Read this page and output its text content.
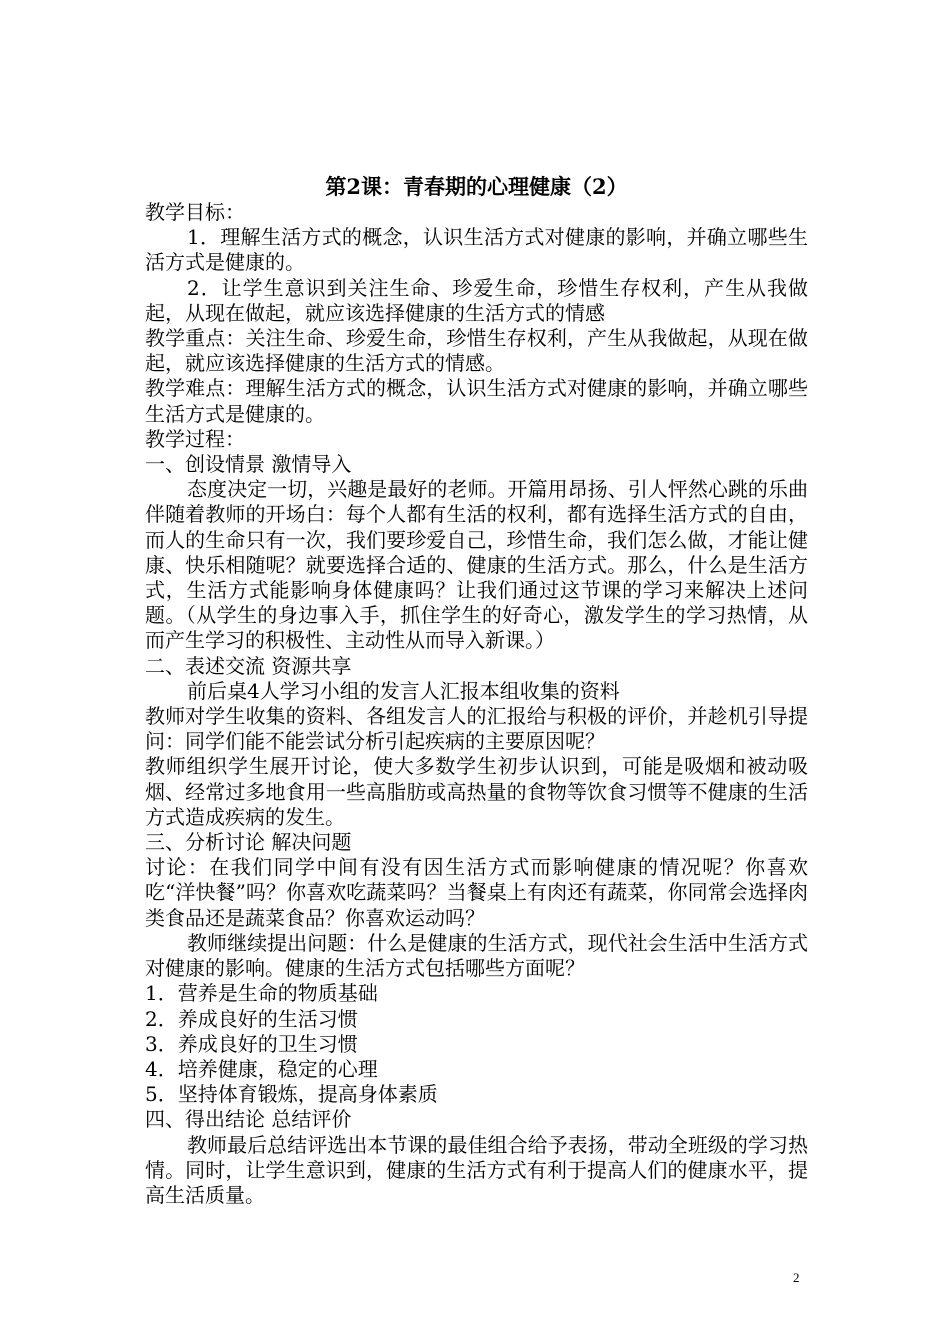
第2课：青春期的心理健康（2）

教学目标：

1．理解生活方式的概念，认识生活方式对健康的影响，并确立哪些生活方式是健康的。

2．让学生意识到关注生命、珍爱生命，珍惜生存权利，产生从我做起，从现在做起，就应该选择健康的生活方式的情感

教学重点：关注生命、珍爱生命，珍惜生存权利，产生从我做起，从现在做起，就应该选择健康的生活方式的情感。

教学难点：理解生活方式的概念，认识生活方式对健康的影响，并确立哪些生活方式是健康的。

教学过程：

一、创设情景 激情导入

态度决定一切，兴趣是最好的老师。开篇用昂扬、引人怦然心跳的乐曲伴随着教师的开场白：每个人都有生活的权利，都有选择生活方式的自由，而人的生命只有一次，我们要珍爱自己，珍惜生命，我们怎么做，才能让健康、快乐相随呢？就要选择合适的、健康的生活方式。那么，什么是生活方式，生活方式能影响身体健康吗？让我们通过这节课的学习来解决上述问题。（从学生的身边事入手，抓住学生的好奇心，激发学生的学习热情，从而产生学习的积极性、主动性从而导入新课。）

二、表述交流 资源共享

前后桌4人学习小组的发言人汇报本组收集的资料

教师对学生收集的资料、各组发言人的汇报给与积极的评价，并趁机引导提问：同学们能不能尝试分析引起疾病的主要原因呢？

教师组织学生展开讨论，使大多数学生初步认识到，可能是吸烟和被动吸烟、经常过多地食用一些高脂肪或高热量的食物等饮食习惯等不健康的生活方式造成疾病的发生。

三、分析讨论 解决问题

讨论：在我们同学中间有没有因生活方式而影响健康的情况呢？你喜欢吃“洋快餐”吗？你喜欢吃蔬菜吗？当餐桌上有肉还有蔬菜，你同常会选择肉类食品还是蔬菜食品？你喜欢运动吗？

教师继续提出问题：什么是健康的生活方式，现代社会生活中生活方式对健康的影响。健康的生活方式包括哪些方面呢？

1．营养是生命的物质基础

2．养成良好的生活习惯

3．养成良好的卫生习惯

4．培养健康，稳定的心理

5．坚持体育锻炼，提高身体素质

四、得出结论 总结评价

教师最后总结评选出本节课的最佳组合给予表扬，带动全班级的学习热情。同时，让学生意识到，健康的生活方式有利于提高人们的健康水平，提高生活质量。

2
